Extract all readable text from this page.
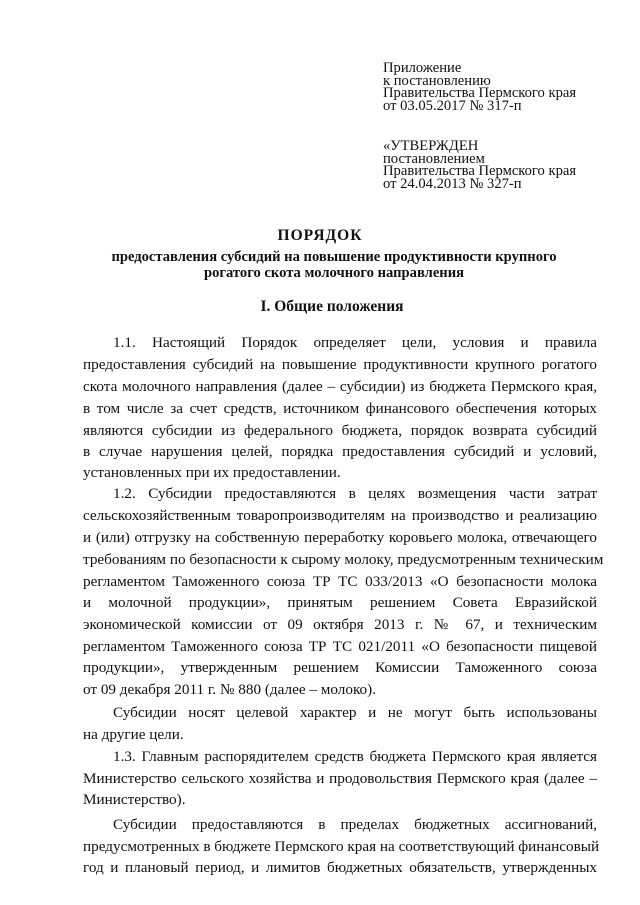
Приложение
к постановлению
Правительства Пермского края
от 03.05.2017 № 317-п
«УТВЕРЖДЕН
постановлением
Правительства Пермского края
от 24.04.2013 № 327-п
ПОРЯДОК
предоставления субсидий на повышение продуктивности крупного
рогатого скота молочного направления
I. Общие положения
1.1. Настоящий Порядок определяет цели, условия и правила
предоставления субсидий на повышение продуктивности крупного рогатого
скота молочного направления (далее – субсидии) из бюджета Пермского края,
в том числе за счет средств, источником финансового обеспечения которых
являются субсидии из федерального бюджета, порядок возврата субсидий
в случае нарушения целей, порядка предоставления субсидий и условий,
установленных при их предоставлении.
1.2. Субсидии предоставляются в целях возмещения части затрат
сельскохозяйственным товаропроизводителям на производство и реализацию
и (или) отгрузку на собственную переработку коровьего молока, отвечающего
требованиям по безопасности к сырому молоку, предусмотренным техническим
регламентом Таможенного союза ТР ТС 033/2013 «О безопасности молока
и молочной продукции», принятым решением Совета Евразийской
экономической комиссии от 09 октября 2013 г. № 67, и техническим
регламентом Таможенного союза ТР ТС 021/2011 «О безопасности пищевой
продукции», утвержденным решением Комиссии Таможенного союза
от 09 декабря 2011 г. № 880 (далее – молоко).
Субсидии носят целевой характер и не могут быть использованы
на другие цели.
1.3. Главным распорядителем средств бюджета Пермского края является
Министерство сельского хозяйства и продовольствия Пермского края (далее –
Министерство).
Субсидии предоставляются в пределах бюджетных ассигнований,
предусмотренных в бюджете Пермского края на соответствующий финансовый
год и плановый период, и лимитов бюджетных обязательств, утвержденных
